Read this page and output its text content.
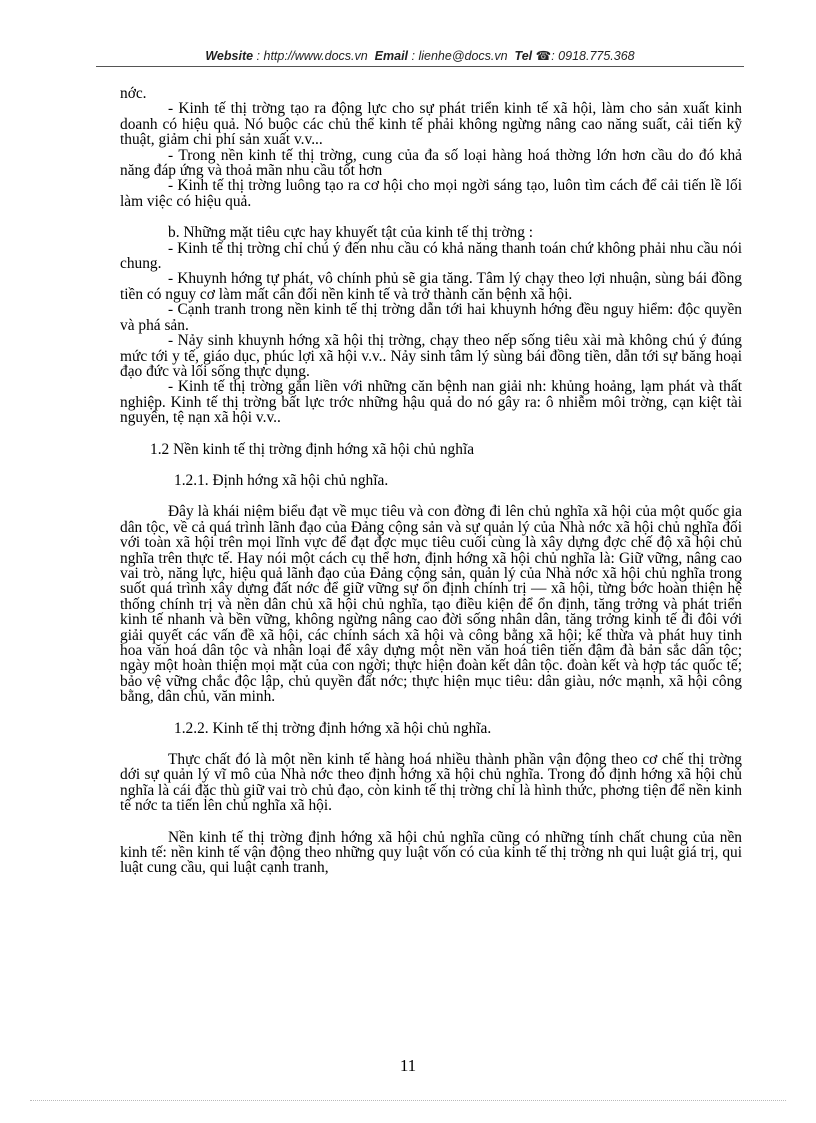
Website : http://www.docs.vn Email : lienhe@docs.vn Tel ☎: 0918.775.368

nớc.

- Kinh tế thị trờng tạo ra động lực cho sự phát triển kinh tế xã hội, làm cho sản xuất kinh doanh có hiệu quả. Nó buộc các chủ thể kinh tế phải không ngừng nâng cao năng suất, cải tiến kỹ thuật, giảm chi phí sản xuất v.v...

- Trong nền kinh tế thị trờng, cung của đa số loại hàng hoá thờng lớn hơn cầu do đó khả năng đáp ứng và thoả mãn nhu cầu tốt hơn

- Kinh tế thị trờng luông tạo ra cơ hội cho mọi ngời sáng tạo, luôn tìm cách để cải tiến lề lối làm việc có hiệu quả.

b. Những mặt tiêu cực hay khuyết tật của kinh tế thị trờng :

- Kinh tế thị trờng chỉ chú ý đến nhu cầu có khả năng thanh toán chứ không phải nhu cầu nói chung.

- Khuynh hớng tự phát, vô chính phủ sẽ gia tăng. Tâm lý chạy theo lợi nhuận, sùng bái đồng tiền có nguy cơ làm mất cân đối nền kinh tế và trở thành căn bệnh xã hội.

- Cạnh tranh trong nền kinh tế thị trờng dẫn tới hai khuynh hớng đều nguy hiểm: độc quyền và phá sản.

- Nảy sinh khuynh hớng xã hội thị trờng, chạy theo nếp sống tiêu xài mà không chú ý đúng mức tới y tế, giáo dục, phúc lợi xã hội v.v.. Nảy sinh tâm lý sùng bái đồng tiền, dẫn tới sự băng hoại đạo đức và lối sống thực dụng.

- Kinh tế thị trờng gắn liền với những căn bệnh nan giải nh: khủng hoảng, lạm phát và thất nghiệp. Kinh tế thị trờng bất lực trớc những hậu quả do nó gây ra: ô nhiễm môi trờng, cạn kiệt tài nguyên, tệ nạn xã hội v.v..

1.2 Nền kinh tế thị trờng định hớng xã hội chủ nghĩa

1.2.1. Định hớng xã hội chủ nghĩa.

Đây là khái niệm biểu đạt về mục tiêu và con đờng đi lên chủ nghĩa xã hội của một quốc gia dân tộc, về cả quá trình lãnh đạo của Đảng cộng sản và sự quản lý của Nhà nớc xã hội chủ nghĩa đối với toàn xã hội trên mọi lĩnh vực để đạt đợc mục tiêu cuối cùng là xây dựng đợc chế độ xã hội chủ nghĩa trên thực tế. Hay nói một cách cụ thể hơn, định hớng xã hội chủ nghĩa là: Giữ vững, nâng cao vai trò, năng lực, hiệu quả lãnh đạo của Đảng cộng sản, quản lý của Nhà nớc xã hội chủ nghĩa trong suốt quá trình xây dựng đất nớc để giữ vững sự ổn định chính trị — xã hội, từng bớc hoàn thiện hệ thống chính trị và nền dân chủ xã hội chủ nghĩa, tạo điều kiện để ổn định, tăng trởng và phát triển kinh tế nhanh và bền vững, không ngừng nâng cao đời sống nhân dân, tăng trởng kinh tế đi đôi với giải quyết các vấn đề xã hội, các chính sách xã hội và công bằng xã hội; kế thừa và phát huy tinh hoa văn hoá dân tộc và nhân loại để xây dựng một nền văn hoá tiên tiến đậm đà bản sắc dân tộc; ngày một hoàn thiện mọi mặt của con ngời; thực hiện đoàn kết dân tộc. đoàn kết và hợp tác quốc tế; bảo vệ vững chắc độc lập, chủ quyền đất nớc; thực hiện mục tiêu: dân giàu, nớc mạnh, xã hội công bằng, dân chủ, văn minh.

1.2.2. Kinh tế thị trờng định hớng xã hội chủ nghĩa.

Thực chất đó là một nền kinh tế hàng hoá nhiều thành phần vận động theo cơ chế thị trờng dới sự quản lý vĩ mô của Nhà nớc theo định hớng xã hội chủ nghĩa. Trong đó định hớng xã hội chủ nghĩa là cái đặc thù giữ vai trò chủ đạo, còn kinh tế thị trờng chỉ là hình thức, phơng tiện để nền kinh tế nớc ta tiến lên chủ nghĩa xã hội.

Nền kinh tế thị trờng định hớng xã hội chủ nghĩa cũng có những tính chất chung của nền kinh tế: nền kinh tế vận động theo những quy luật vốn có của kinh tế thị trờng nh qui luật giá trị, qui luật cung cầu, qui luật cạnh tranh,

11
